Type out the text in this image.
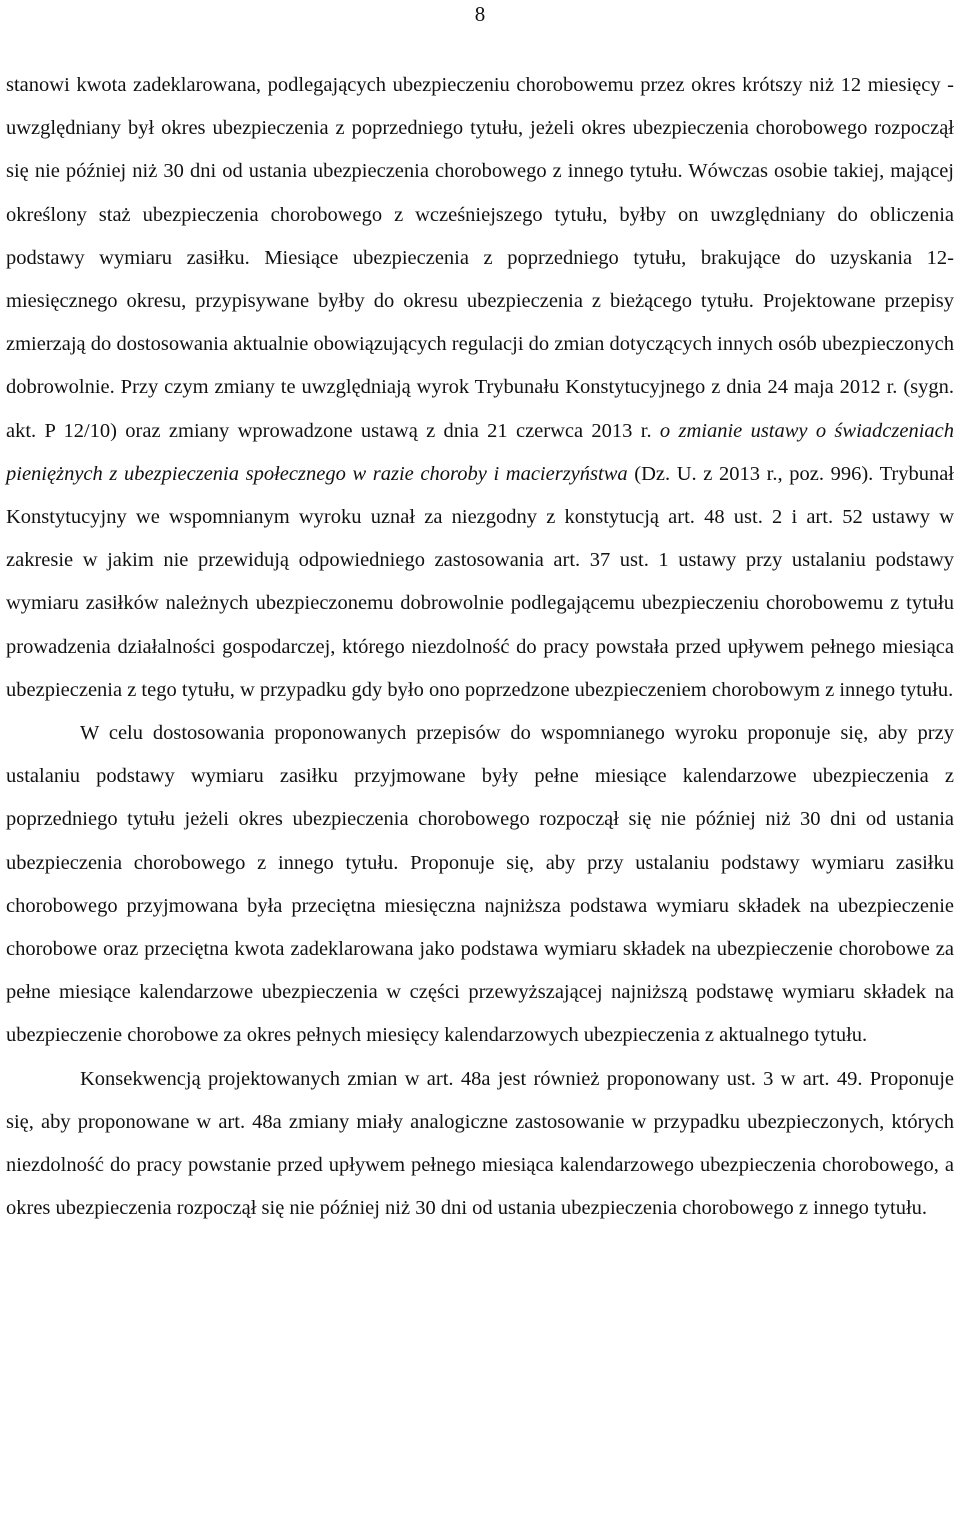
8

stanowi kwota zadeklarowana, podlegających ubezpieczeniu chorobowemu przez okres krótszy niż 12 miesięcy - uwzględniany był okres ubezpieczenia z poprzedniego tytułu, jeżeli okres ubezpieczenia chorobowego rozpoczął się nie później niż 30 dni od ustania ubezpieczenia chorobowego z innego tytułu. Wówczas osobie takiej, mającej określony staż ubezpieczenia chorobowego z wcześniejszego tytułu, byłby on uwzględniany do obliczenia podstawy wymiaru zasiłku. Miesiące ubezpieczenia z poprzedniego tytułu, brakujące do uzyskania 12-miesięcznego okresu, przypisywane byłby do okresu ubezpieczenia z bieżącego tytułu. Projektowane przepisy zmierzają do dostosowania aktualnie obowiązujących regulacji do zmian dotyczących innych osób ubezpieczonych dobrowolnie. Przy czym zmiany te uwzględniają wyrok Trybunału Konstytucyjnego z dnia 24 maja 2012 r. (sygn. akt. P 12/10) oraz zmiany wprowadzone ustawą z dnia 21 czerwca 2013 r. o zmianie ustawy o świadczeniach pieniężnych z ubezpieczenia społecznego w razie choroby i macierzyństwa (Dz. U. z 2013 r., poz. 996). Trybunał Konstytucyjny we wspomnianym wyroku uznał za niezgodny z konstytucją art. 48 ust. 2 i art. 52 ustawy w zakresie w jakim nie przewidują odpowiedniego zastosowania art. 37 ust. 1 ustawy przy ustalaniu podstawy wymiaru zasiłków należnych ubezpieczonemu dobrowolnie podlegającemu ubezpieczeniu chorobowemu z tytułu prowadzenia działalności gospodarczej, którego niezdolność do pracy powstała przed upływem pełnego miesiąca ubezpieczenia z tego tytułu, w przypadku gdy było ono poprzedzone ubezpieczeniem chorobowym z innego tytułu.

W celu dostosowania proponowanych przepisów do wspomnianego wyroku proponuje się, aby przy ustalaniu podstawy wymiaru zasiłku przyjmowane były pełne miesiące kalendarzowe ubezpieczenia z poprzedniego tytułu jeżeli okres ubezpieczenia chorobowego rozpoczął się nie później niż 30 dni od ustania ubezpieczenia chorobowego z innego tytułu. Proponuje się, aby przy ustalaniu podstawy wymiaru zasiłku chorobowego przyjmowana była przeciętna miesięczna najniższa podstawa wymiaru składek na ubezpieczenie chorobowe oraz przeciętna kwota zadeklarowana jako podstawa wymiaru składek na ubezpieczenie chorobowe za pełne miesiące kalendarzowe ubezpieczenia w części przewyższającej najniższą podstawę wymiaru składek na ubezpieczenie chorobowe za okres pełnych miesięcy kalendarzowych ubezpieczenia z aktualnego tytułu.

Konsekwencją projektowanych zmian w art. 48a jest również proponowany ust. 3 w art. 49. Proponuje się, aby proponowane w art. 48a zmiany miały analogiczne zastosowanie w przypadku ubezpieczonych, których niezdolność do pracy powstanie przed upływem pełnego miesiąca kalendarzowego ubezpieczenia chorobowego, a okres ubezpieczenia rozpoczął się nie później niż 30 dni od ustania ubezpieczenia chorobowego z innego tytułu.
